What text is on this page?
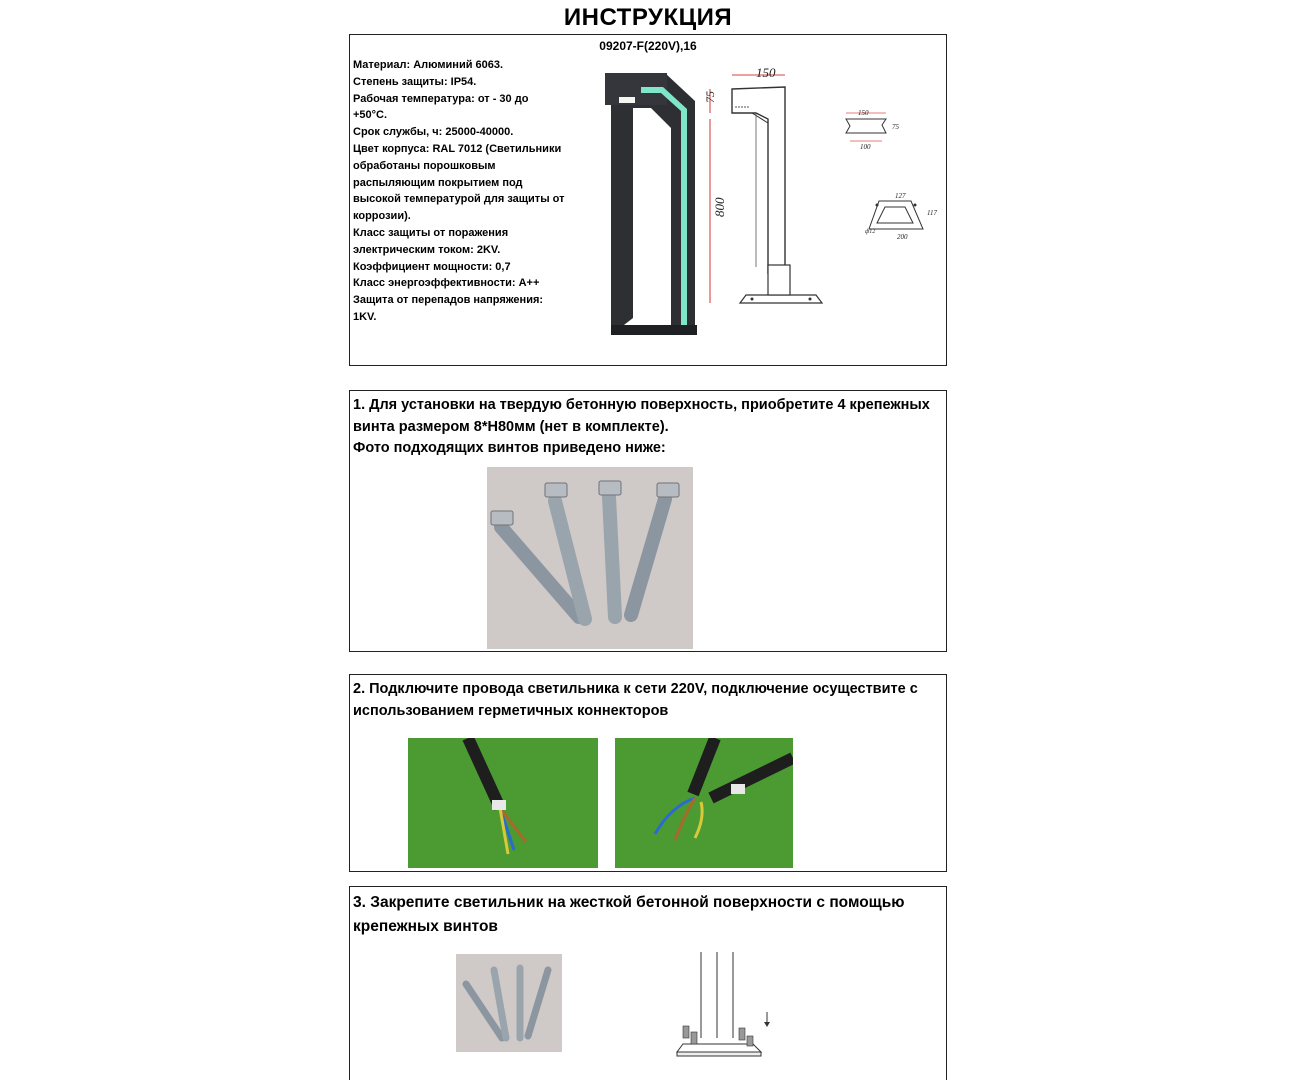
ИНСТРУКЦИЯ
09207-F(220V),16
Материал: Алюминий 6063.
Степень защиты: IP54.
Рабочая температура: от - 30 до
+50°С.
Срок службы, ч: 25000-40000.
Цвет корпуса: RAL 7012 (Светильники
обработаны порошковым
распыляющим покрытием под
высокой температурой для защиты от
коррозии).
Класс защиты от поражения
электрическим током: 2KV.
Коэффициент мощности: 0,7
Класс энергоэффективности: А++
Защита от перепадов напряжения:
1KV.
150
75
800
150
100
75
127
200
117
ф12
1. Для установки на твердую бетонную поверхность, приобретите 4 крепежных
винта размером 8*H80мм (нет в комплекте).
Фото подходящих винтов приведено ниже:
2. Подключите провода светильника к сети 220V, подключение осуществите с
использованием герметичных коннекторов
3. Закрепите светильник на жесткой бетонной поверхности с помощью
крепежных винтов
